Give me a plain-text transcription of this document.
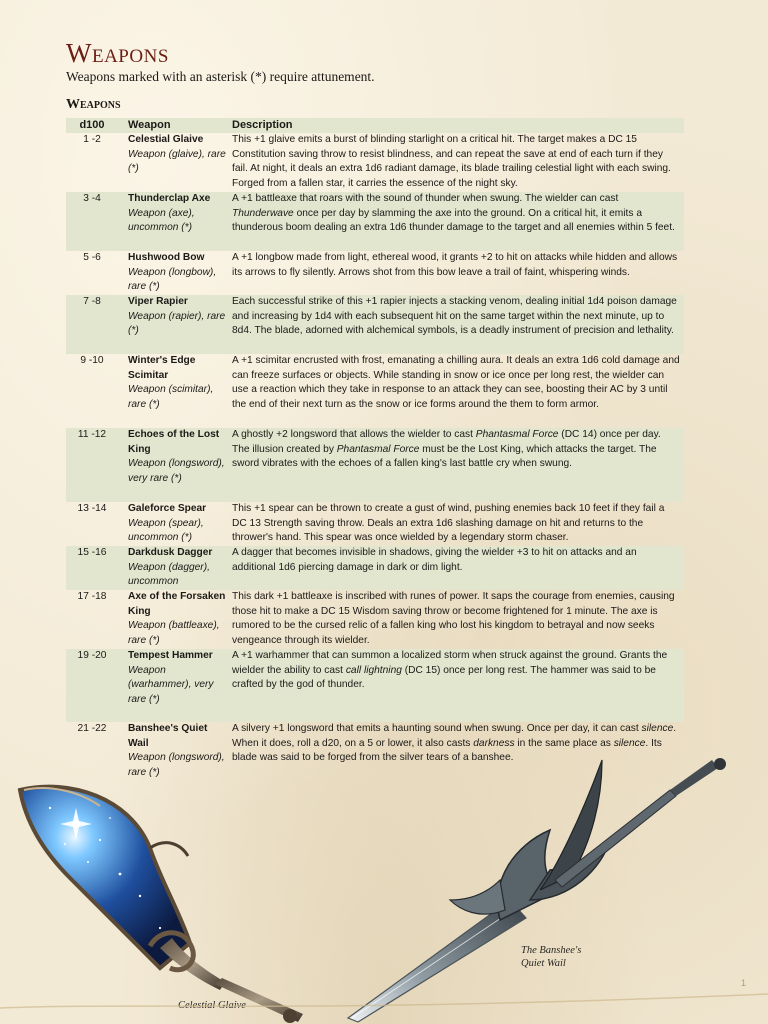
Weapons

Weapons marked with an asterisk (*) require attunement.

Weapons
d100	Weapon	Description
1 -2	Celestial Glaive
Weapon (glaive), rare (*)
This +1 glaive emits a burst of blinding starlight on a critical hit. The target makes a DC 15 Constitution saving throw to resist blindness, and can repeat the save at end of each turn if they fail. At night, it deals an extra 1d6 radiant damage, its blade trailing celestial light with each swing. Forged from a fallen star, it carries the essence of the night sky.
3 -4	Thunderclap Axe
Weapon (axe), uncommon (*)
A +1 battleaxe that roars with the sound of thunder when swung. The wielder can cast Thunderwave once per day by slamming the axe into the ground. On a critical hit, it emits a thunderous boom dealing an extra 1d6 thunder damage to the target and all enemies within 5 feet.
5 -6	Hushwood Bow
Weapon (longbow), rare (*)
A +1 longbow made from light, ethereal wood, it grants +2 to hit on attacks while hidden and allows its arrows to fly silently. Arrows shot from this bow leave a trail of faint, whispering winds.
7 -8	Viper Rapier
Weapon (rapier), rare (*)
Each successful strike of this +1 rapier injects a stacking venom, dealing initial 1d4 poison damage and increasing by 1d4 with each subsequent hit on the same target within the next minute, up to 8d4. The blade, adorned with alchemical symbols, is a deadly instrument of precision and lethality.
9 -10	Winter's Edge Scimitar
Weapon (scimitar), rare (*)
A +1 scimitar encrusted with frost, emanating a chilling aura. It deals an extra 1d6 cold damage and can freeze surfaces or objects. While standing in snow or ice once per long rest, the wielder can use a reaction which they take in response to an attack they can see, boosting their AC by 3 until the end of their next turn as the snow or ice forms around the them to form armor.
11 -12	Echoes of the Lost King
Weapon (longsword), very rare (*)
A ghostly +2 longsword that allows the wielder to cast Phantasmal Force (DC 14) once per day. The illusion created by Phantasmal Force must be the Lost King, which attacks the target. The sword vibrates with the echoes of a fallen king's last battle cry when swung.
13 -14	Galeforce Spear
Weapon (spear), uncommon (*)
This +1 spear can be thrown to create a gust of wind, pushing enemies back 10 feet if they fail a DC 13 Strength saving throw. Deals an extra 1d6 slashing damage on hit and returns to the thrower's hand. This spear was once wielded by a legendary storm chaser.
15 -16	Darkdusk Dagger
Weapon (dagger), uncommon
A dagger that becomes invisible in shadows, giving the wielder +3 to hit on attacks and an additional 1d6 piercing damage in dark or dim light.
17 -18	Axe of the Forsaken King
Weapon (battleaxe), rare (*)
This dark +1 battleaxe is inscribed with runes of power. It saps the courage from enemies, causing those hit to make a DC 15 Wisdom saving throw or become frightened for 1 minute. The axe is rumored to be the cursed relic of a fallen king who lost his kingdom to betrayal and now seeks vengeance through its wielder.
19 -20	Tempest Hammer
Weapon (warhammer), very rare (*)
A +1 warhammer that can summon a localized storm when struck against the ground. Grants the wielder the ability to cast call lightning (DC 15) once per long rest. The hammer was said to be crafted by the god of thunder.
21 -22	Banshee's Quiet Wail
Weapon (longsword), rare (*)
A silvery +1 longsword that emits a haunting sound when swung. Once per day, it can cast silence. When it does, roll a d20, on a 5 or lower, it also casts darkness in the same place as silence. Its blade was said to be forged from the silver tears of a banshee.
Celestial Glaive
The Banshee's
Quiet Wail
1
